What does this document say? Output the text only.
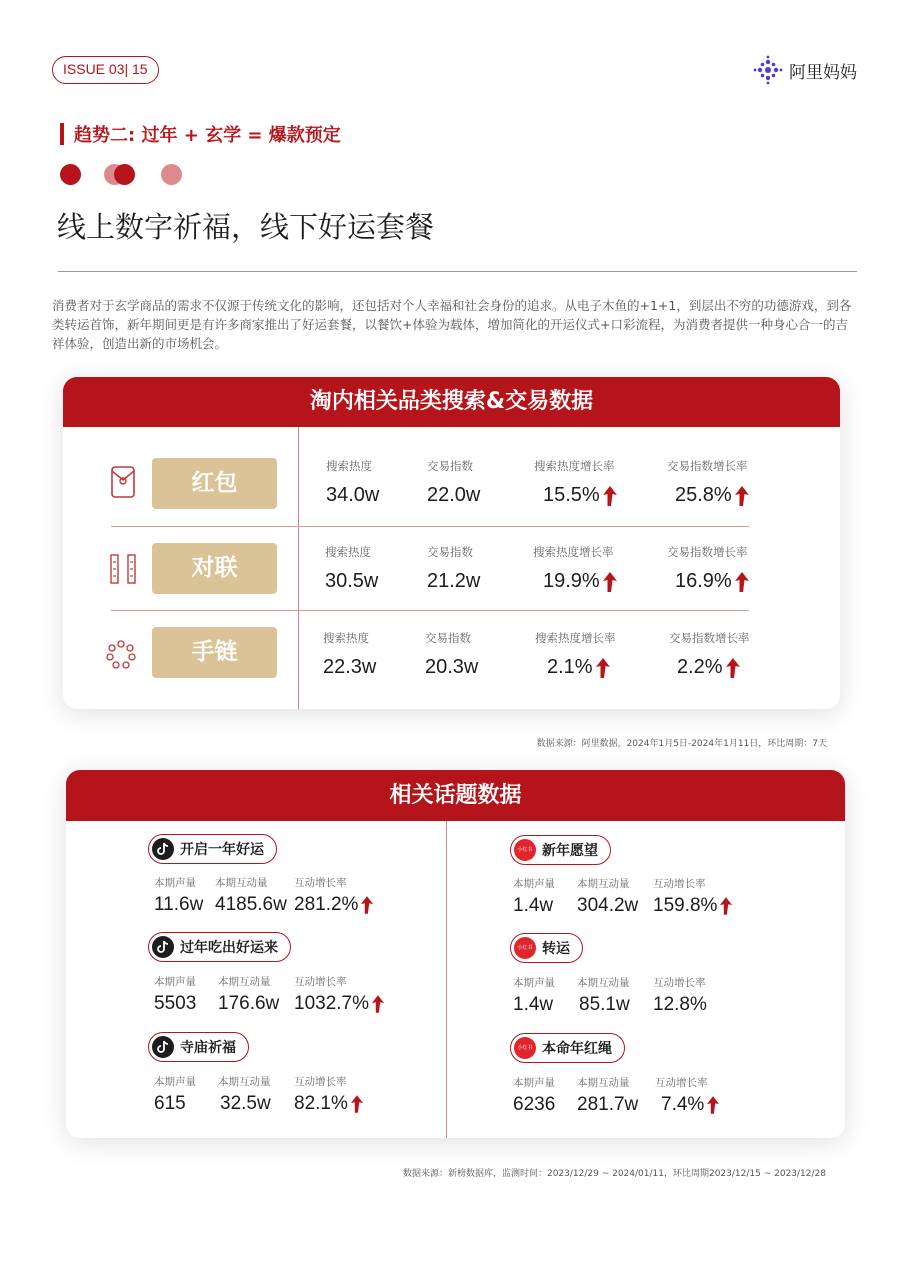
ISSUE 03| 15	阿里妈妈
趋势二: 过年 + 玄学 = 爆款预定
线上数字祈福，线下好运套餐
消费者对于玄学商品的需求不仅源于传统文化的影响，还包括对个人幸福和社会身份的追求。从电子木鱼的+1+1，到层出不穷的功德游戏，到各类转运首饰，新年期间更是有许多商家推出了好运套餐，以餐饮+体验为载体，增加简化的开运仪式+口彩流程，为消费者提供一种身心合一的吉祥体验，创造出新的市场机会。
淘内相关品类搜索&交易数据
红包
搜索热度
34.0w
交易指数
22.0w
搜索热度增长率
15.5%
交易指数增长率
25.8%
对联
搜索热度
30.5w
交易指数
21.2w
搜索热度增长率
19.9%
交易指数增长率
16.9%
手链
搜索热度
22.3w
交易指数
20.3w
搜索热度增长率
2.1%
交易指数增长率
2.2%
数据来源：阿里数据，2024年1月5日-2024年1月11日，环比周期：7天
相关话题数据
开启一年好运
本期声量
11.6w
本期互动量
4185.6w
互动增长率
281.2%
过年吃出好运来
本期声量
5503
本期互动量
176.6w
互动增长率
1032.7%
寺庙祈福
本期声量
615
本期互动量
32.5w
互动增长率
82.1%
小红书 新年愿望
本期声量
1.4w
本期互动量
304.2w
互动增长率
159.8%
小红书 转运
本期声量
1.4w
本期互动量
85.1w
互动增长率
12.8%
小红书 本命年红绳
本期声量
6236
本期互动量
281.7w
互动增长率
7.4%
数据来源：新榜数据库，监测时间：2023/12/29 ~ 2024/01/11，环比周期2023/12/15 ~ 2023/12/28
